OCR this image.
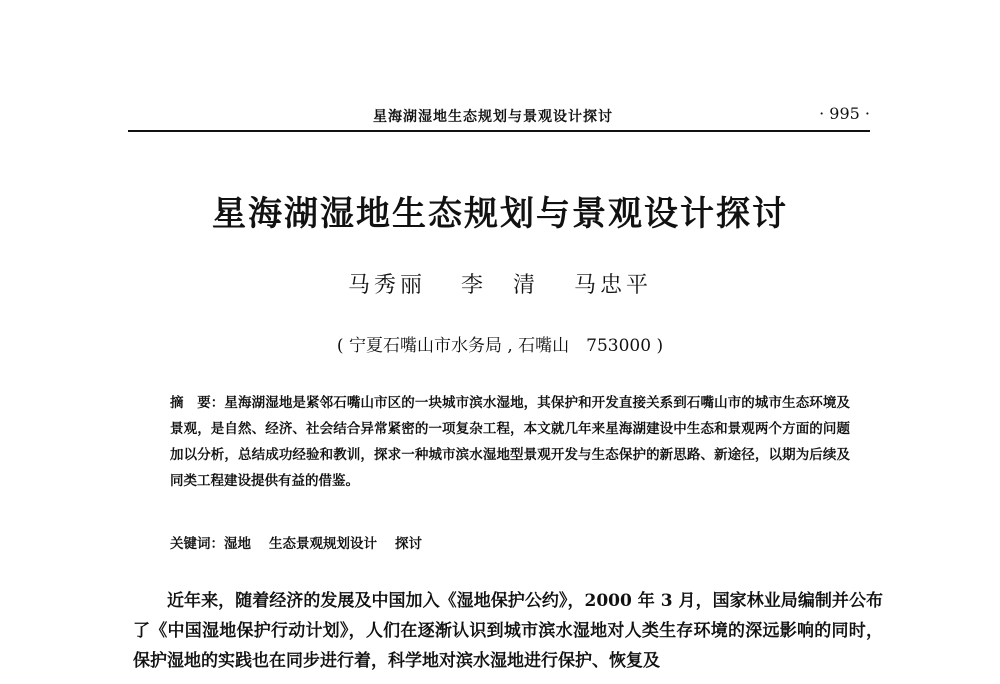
星海湖湿地生态规划与景观设计探讨	· 995 ·
星海湖湿地生态规划与景观设计探讨
马秀丽 李　清 马忠平
( 宁夏石嘴山市水务局 , 石嘴山　753000 )
摘　要：星海湖湿地是紧邻石嘴山市区的一块城市滨水湿地，其保护和开发直接关系到石嘴山市的城市生态环境及景观，是自然、经济、社会结合异常紧密的一项复杂工程，本文就几年来星海湖建设中生态和景观两个方面的问题加以分析，总结成功经验和教训，探求一种城市滨水湿地型景观开发与生态保护的新思路、新途径，以期为后续及同类工程建设提供有益的借鉴。
关键词：湿地 生态景观规划设计 探讨
近年来，随着经济的发展及中国加入《湿地保护公约》，2000 年 3 月，国家林业局编制并公布了《中国湿地保护行动计划》，人们在逐渐认识到城市滨水湿地对人类生存环境的深远影响的同时，保护湿地的实践也在同步进行着，科学地对滨水湿地进行保护、恢复及
